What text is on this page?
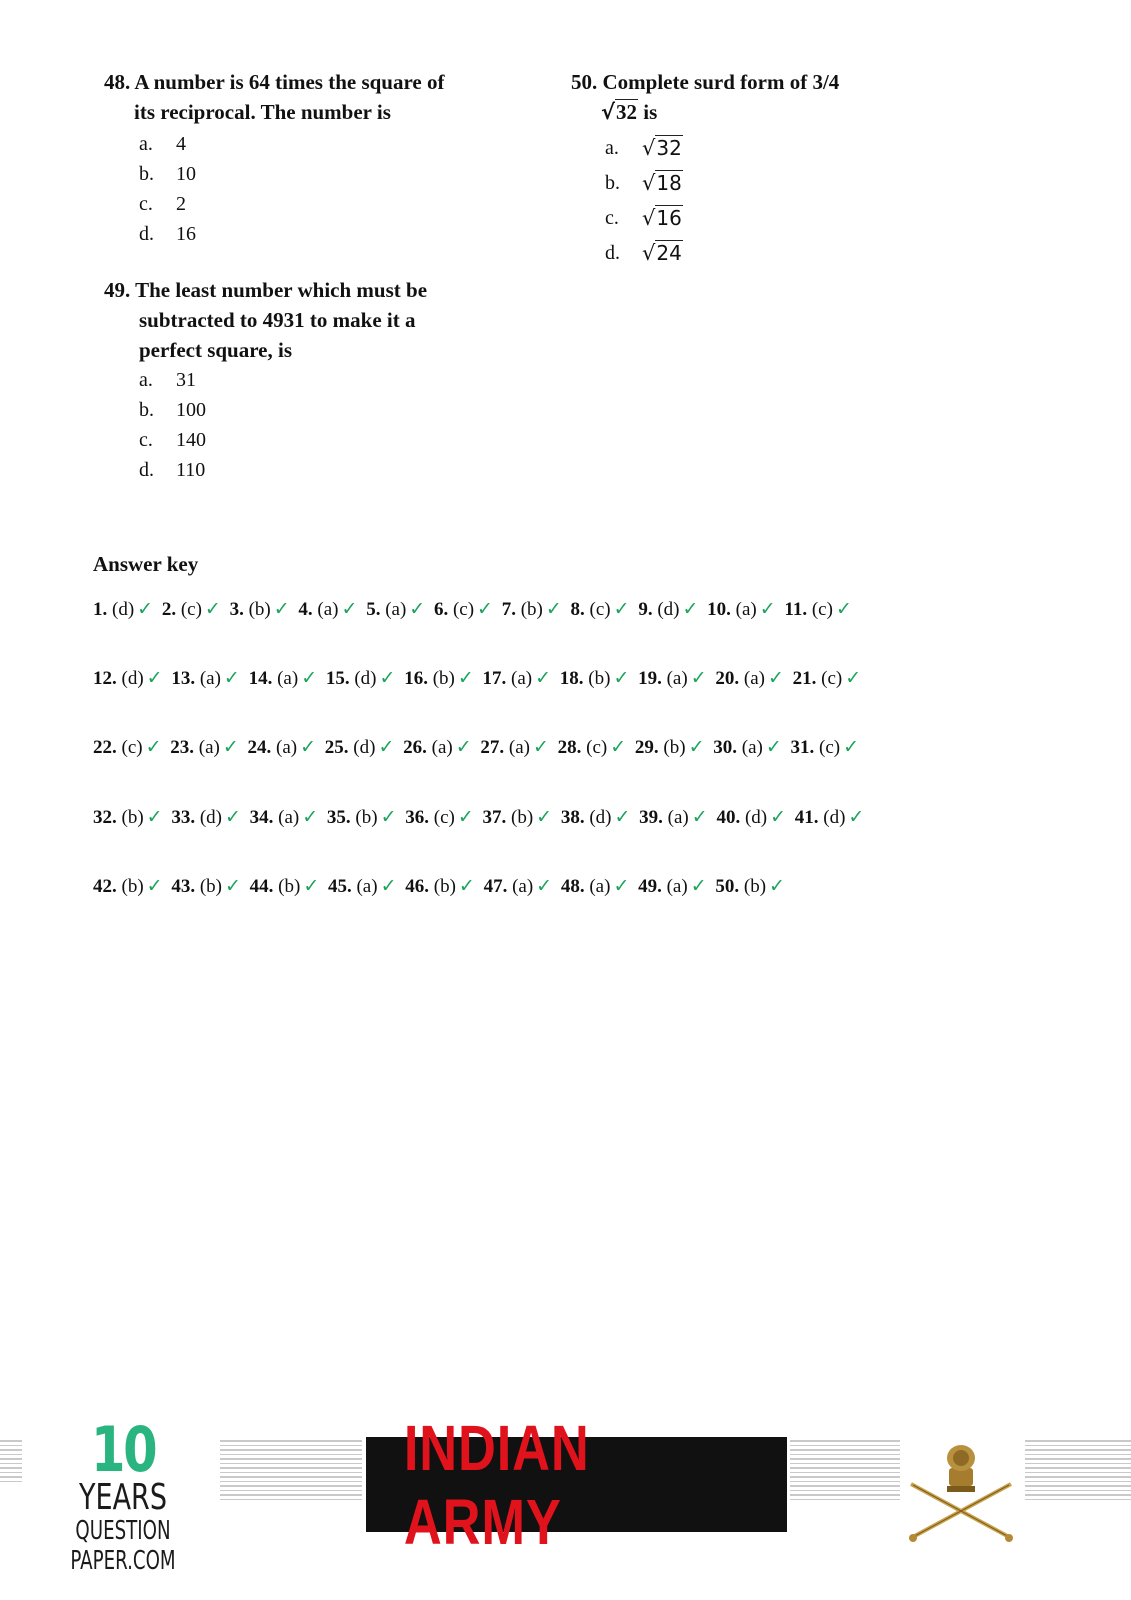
48. A number is 64 times the square of
its reciprocal. The number is
a.	4
b.	10
c.	2
d.	16
49. The least number which must be
subtracted to 4931 to make it a
perfect square, is
a.	31
b.	100
c.	140
d.	110
50. Complete surd form of 3/4
√32 is
a.	√32
b.	√18
c.	√16
d.	√24
Answer key
1. (d) ✓ 2. (c) ✓ 3. (b) ✓ 4. (a) ✓ 5. (a) ✓ 6. (c) ✓ 7. (b) ✓ 8. (c) ✓ 9. (d) ✓ 10. (a) ✓ 11. (c) ✓
12. (d) ✓ 13. (a) ✓ 14. (a) ✓ 15. (d) ✓ 16. (b) ✓ 17. (a) ✓ 18. (b) ✓ 19. (a) ✓ 20. (a) ✓ 21. (c) ✓
22. (c) ✓ 23. (a) ✓ 24. (a) ✓ 25. (d) ✓ 26. (a) ✓ 27. (a) ✓ 28. (c) ✓ 29. (b) ✓ 30. (a) ✓ 31. (c) ✓
32. (b) ✓ 33. (d) ✓ 34. (a) ✓ 35. (b) ✓ 36. (c) ✓ 37. (b) ✓ 38. (d) ✓ 39. (a) ✓ 40. (d) ✓ 41. (d) ✓
42. (b) ✓ 43. (b) ✓ 44. (b) ✓ 45. (a) ✓ 46. (b) ✓ 47. (a) ✓ 48. (a) ✓ 49. (a) ✓ 50. (b) ✓
10
YEARS
QUESTION PAPER.COM
INDIAN ARMY
